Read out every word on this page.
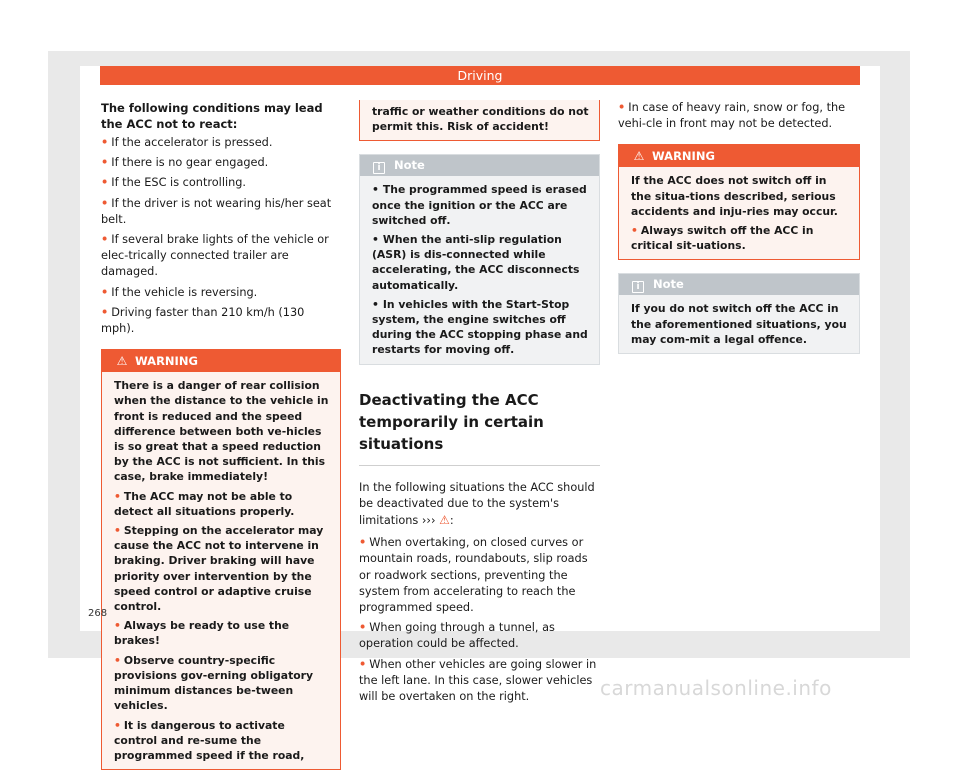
Driving

The following conditions may lead the ACC not to react:

• If the accelerator is pressed.
• If there is no gear engaged.
• If the ESC is controlling.
• If the driver is not wearing his/her seat belt.
• If several brake lights of the vehicle or elec-trically connected trailer are damaged.
• If the vehicle is reversing.
• Driving faster than 210 km/h (130 mph).
⚠ WARNING

There is a danger of rear collision when the distance to the vehicle in front is reduced and the speed difference between both ve-hicles is so great that a speed reduction by the ACC is not sufficient. In this case, brake immediately!

• The ACC may not be able to detect all situations properly.

• Stepping on the accelerator may cause the ACC not to intervene in braking. Driver braking will have priority over intervention by the speed control or adaptive cruise control.

• Always be ready to use the brakes!

• Observe country-specific provisions gov-erning obligatory minimum distances be-tween vehicles.

• It is dangerous to activate control and re-sume the programmed speed if the road,

traffic or weather conditions do not permit this. Risk of accident!

i Note

• The programmed speed is erased once the ignition or the ACC are switched off.

• When the anti-slip regulation (ASR) is dis-connected while accelerating, the ACC disconnects automatically.

• In vehicles with the Start-Stop system, the engine switches off during the ACC stopping phase and restarts for moving off.

Deactivating the ACC temporarily in certain situations

In the following situations the ACC should be deactivated due to the system's limitations ››› ⚠:

• When overtaking, on closed curves or mountain roads, roundabouts, slip roads or roadwork sections, preventing the system from accelerating to reach the programmed speed.
• When going through a tunnel, as operation could be affected.
• When other vehicles are going slower in the left lane. In this case, slower vehicles will be overtaken on the right.
• In case of heavy rain, snow or fog, the vehi-cle in front may not be detected.
⚠ WARNING

If the ACC does not switch off in the situa-tions described, serious accidents and inju-ries may occur.

• Always switch off the ACC in critical sit-uations.

i Note

If you do not switch off the ACC in the aforementioned situations, you may com-mit a legal offence.

268
carmanualsonline.info
